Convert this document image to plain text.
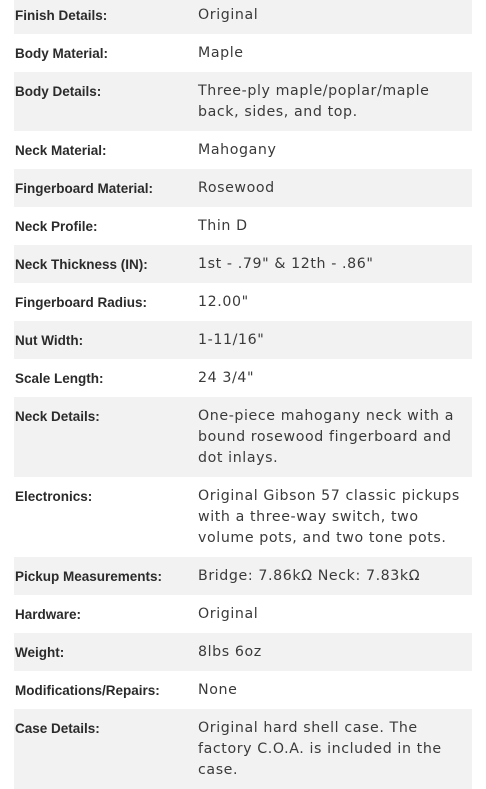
Finish Details:	Original
Body Material:	Maple
Body Details:	Three-ply maple/poplar/maple back, sides, and top.
Neck Material:	Mahogany
Fingerboard Material:	Rosewood
Neck Profile:	Thin D
Neck Thickness (IN):	1st - .79" & 12th - .86"
Fingerboard Radius:	12.00"
Nut Width:	1-11/16"
Scale Length:	24 3/4"
Neck Details:	One-piece mahogany neck with a bound rosewood fingerboard and dot inlays.
Electronics:	Original Gibson 57 classic pickups with a three-way switch, two volume pots, and two tone pots.
Pickup Measurements:	Bridge: 7.86kΩ Neck: 7.83kΩ
Hardware:	Original
Weight:	8lbs 6oz
Modifications/Repairs:	None
Case Details:	Original hard shell case. The factory C.O.A. is included in the case.
